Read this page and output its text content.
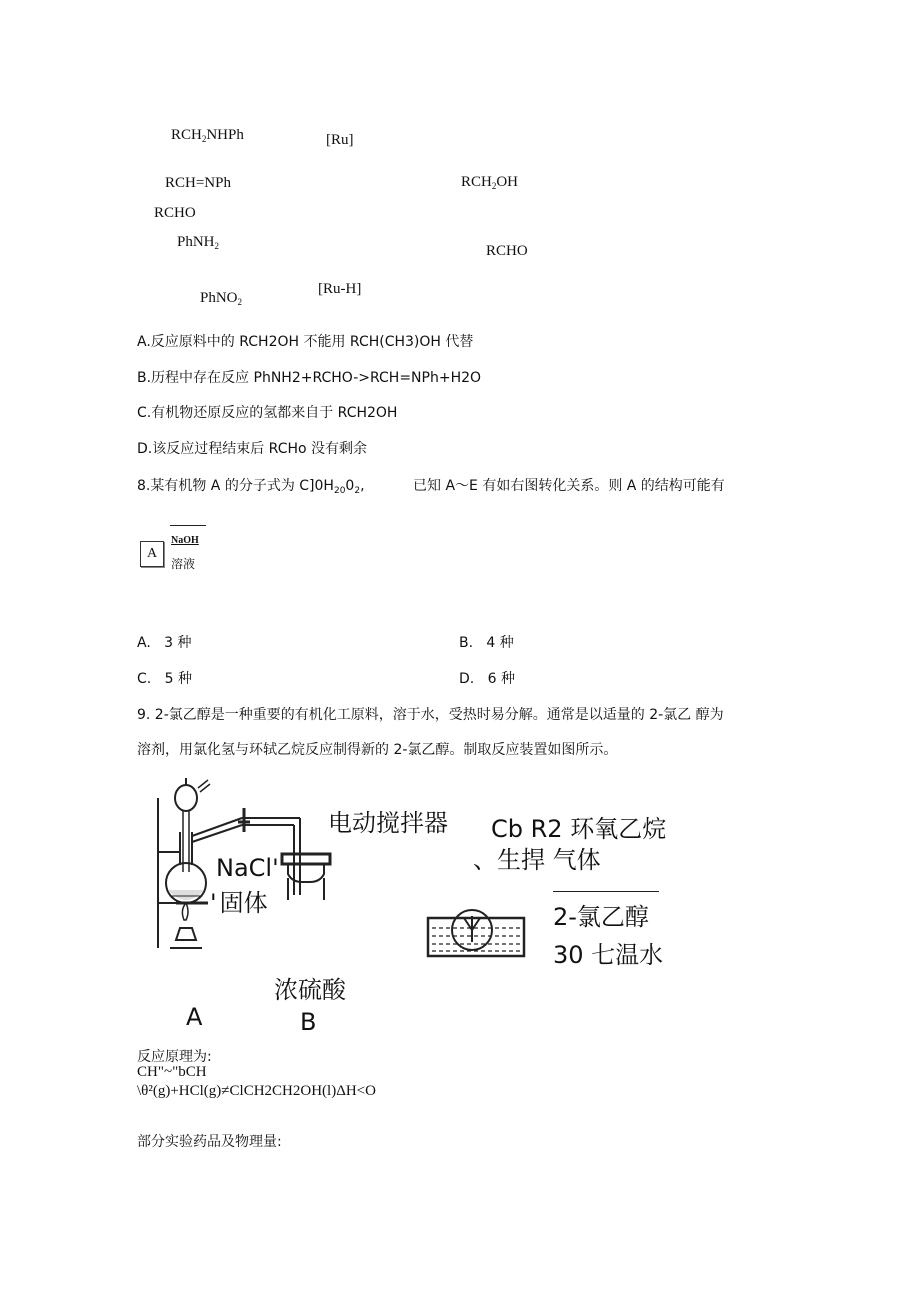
$RCH_2NHPh$	[Ru]
RCH=NPh	$RCH_2OH$
RCHO
PhNH$_2$	RCHO
[Ru-H]
PhNO$_2$
A.反应原料中的 RCH2OH 不能用 RCH(CH3)OH 代替
B.历程中存在反应 PhNH2+RCHO->RCH=NPh+H2O
C.有机物还原反应的氢都来自于 RCH2OH
D.该反应过程结束后 RCHo 没有剩余
8.某有机物 A 的分子式为 $C]0H_{20}0_2$,	已知 A～E 有如右图转化关系。则 A 的结构可能有
A
NaOH
溶液
A. 3 种	B. 4 种
C. 5 种	D. 6 种
9. 2-氯乙醇是一种重要的有机化工原料，溶于水，受热时易分解。通常是以适量的 2-氯乙 醇为
溶剂，用氯化氢与环轼乙烷反应制得新的 2-氯乙醇。制取反应装置如图所示。
电动搅拌器 Cb R2 环氧乙烷
、生捍 气体
NaCl'
' 固体	2-氯乙醇
30 七温水
浓硫酸
A	B
反应原理为:
CH"~"bCH
\θ²(g)+HCl(g)≠ClCH2CH2OH(l)ΔH<O
部分实验药品及物理量:
